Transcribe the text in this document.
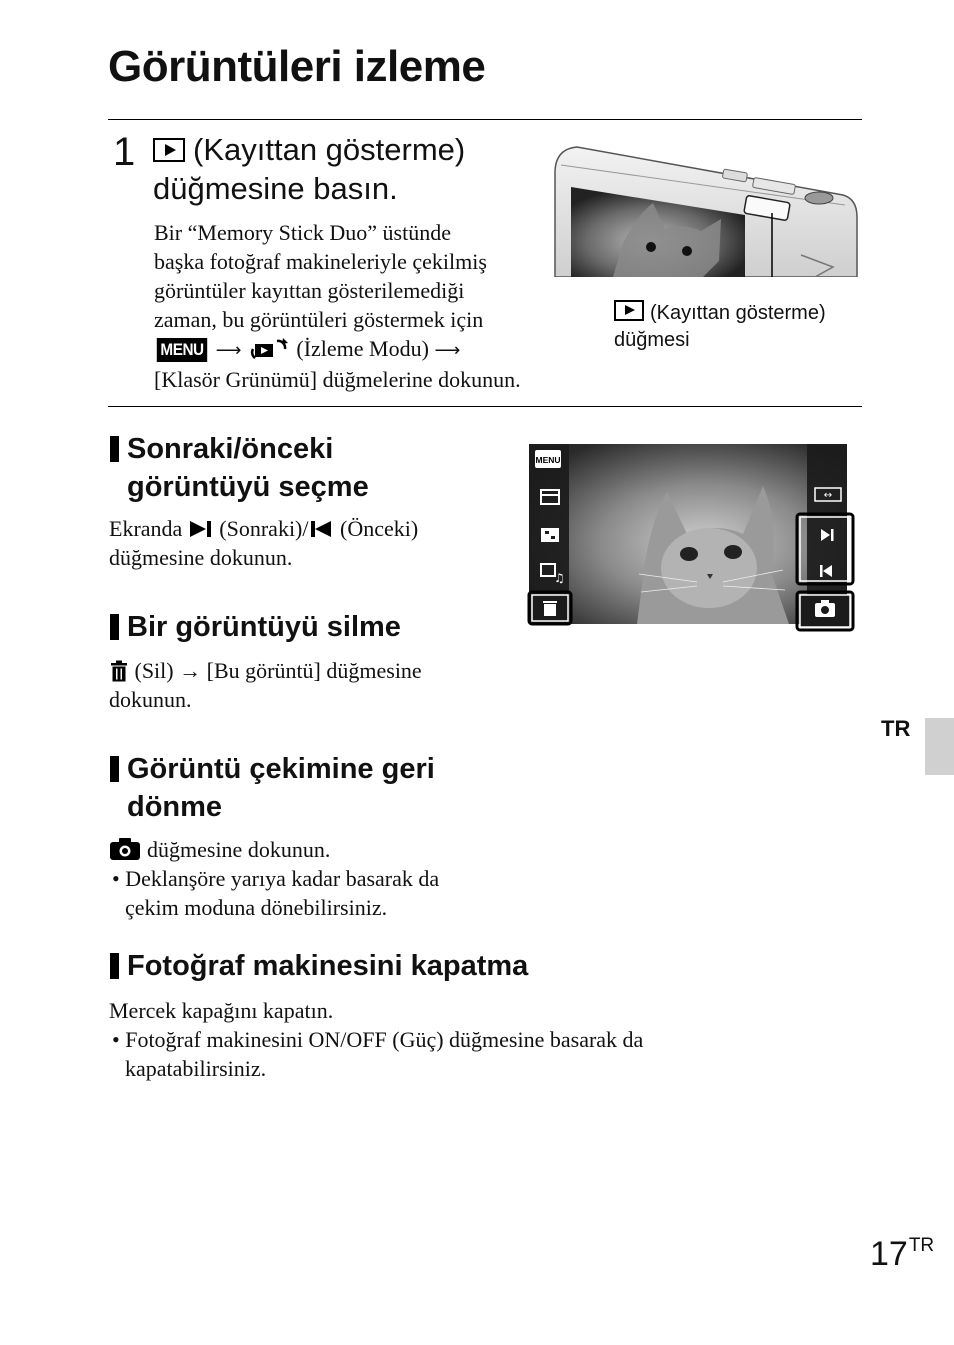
Görüntüleri izleme
1	(Kayıttan gösterme)
düğmesine basın.
Bir “Memory Stick Duo” üstünde
başka fotoğraf makineleriyle çekilmiş
görüntüler kayıttan gösterilemediği
zaman, bu görüntüleri göstermek için
MENU ⟶	(İzleme Modu) ⟶
[Klasör Grünümü] düğmelerine dokunun.
(Kayıttan gösterme)
düğmesi
Sonraki/önceki
görüntüyü seçme
Ekranda (Sonraki)/ (Önceki)
düğmesine dokunun.
MENU
♫
↔
Bir görüntüyü silme
(Sil) → [Bu görüntü] düğmesine
dokunun.
Görüntü çekimine geri
dönme
düğmesine dokunun.
• Deklanşöre yarıya kadar basarak da
çekim moduna dönebilirsiniz.
Fotoğraf makinesini kapatma
Mercek kapağını kapatın.
• Fotoğraf makinesini ON/OFF (Güç) düğmesine basarak da
kapatabilirsiniz.
TR
$17^{TR}$
